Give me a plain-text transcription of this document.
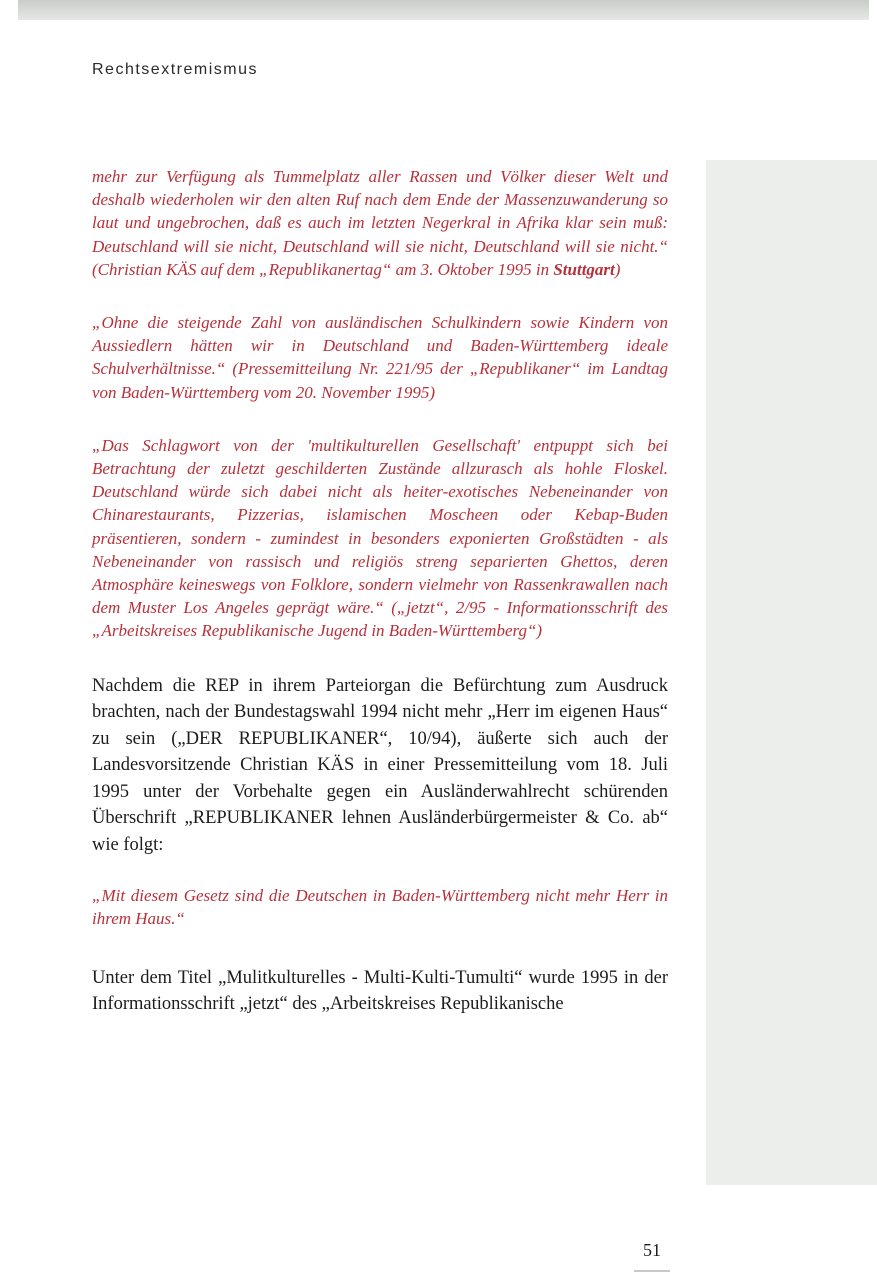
Rechtsextremismus

mehr zur Verfügung als Tummelplatz aller Rassen und Völker dieser Welt und deshalb wiederholen wir den alten Ruf nach dem Ende der Massenzuwanderung so laut und ungebrochen, daß es auch im letzten Negerkral in Afrika klar sein muß: Deutschland will sie nicht, Deutschland will sie nicht, Deutschland will sie nicht.“ (Christian KÄS auf dem „Republikanertag“ am 3. Oktober 1995 in Stuttgart)

„Ohne die steigende Zahl von ausländischen Schulkindern sowie Kindern von Aussiedlern hätten wir in Deutschland und Baden-Württemberg ideale Schulverhältnisse.“ (Pressemitteilung Nr. 221/95 der „Republikaner“ im Landtag von Baden-Württemberg vom 20. November 1995)

„Das Schlagwort von der 'multikulturellen Gesellschaft' entpuppt sich bei Betrachtung der zuletzt geschilderten Zustände allzurasch als hohle Floskel. Deutschland würde sich dabei nicht als heiter-exotisches Nebeneinander von Chinarestaurants, Pizzerias, islamischen Moscheen oder Kebap-Buden präsentieren, sondern - zumindest in besonders exponierten Großstädten - als Nebeneinander von rassisch und religiös streng separierten Ghettos, deren Atmosphäre keineswegs von Folklore, sondern vielmehr von Rassenkrawallen nach dem Muster Los Angeles geprägt wäre.“ („jetzt“, 2/95 - Informationsschrift des „Arbeitskreises Republikanische Jugend in Baden-Württemberg“)

Nachdem die REP in ihrem Parteiorgan die Befürchtung zum Ausdruck brachten, nach der Bundestagswahl 1994 nicht mehr „Herr im eigenen Haus“ zu sein („DER REPUBLIKANER“, 10/94), äußerte sich auch der Landesvorsitzende Christian KÄS in einer Pressemitteilung vom 18. Juli 1995 unter der Vorbehalte gegen ein Ausländerwahlrecht schürenden Überschrift „REPUBLIKANER lehnen Ausländerbürgermeister & Co. ab“ wie folgt:

„Mit diesem Gesetz sind die Deutschen in Baden-Württemberg nicht mehr Herr in ihrem Haus.“

Unter dem Titel „Mulitkulturelles - Multi-Kulti-Tumulti“ wurde 1995 in der Informationsschrift „jetzt“ des „Arbeitskreises Republikanische

51
